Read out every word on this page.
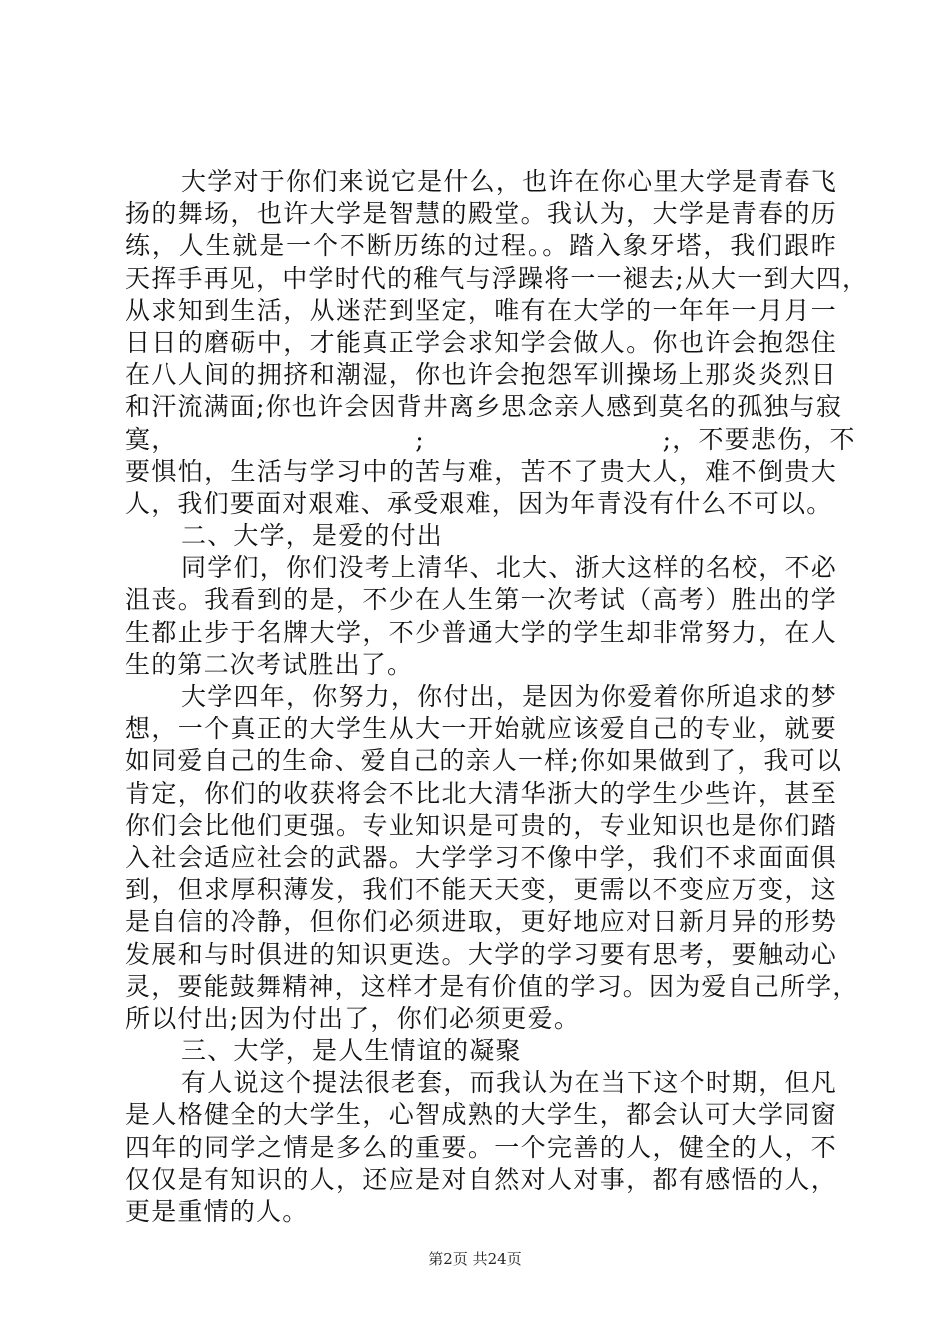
大学对于你们来说它是什么，也许在你心里大学是青春飞
扬的舞场，也许大学是智慧的殿堂。我认为，大学是青春的历
练，人生就是一个不断历练的过程。。踏入象牙塔，我们跟昨
天挥手再见，中学时代的稚气与浮躁将一一褪去;从大一到大四，
从求知到生活，从迷茫到坚定，唯有在大学的一年年一月月一
日日的磨砺中，才能真正学会求知学会做人。你也许会抱怨住
在八人间的拥挤和潮湿，你也许会抱怨军训操场上那炎炎烈日
和汗流满面;你也许会因背井离乡思念亲人感到莫名的孤独与寂
寞，                          ;                          ;，不要悲伤，不
要惧怕，生活与学习中的苦与难，苦不了贵大人，难不倒贵大
人，我们要面对艰难、承受艰难，因为年青没有什么不可以。
二、大学，是爱的付出
同学们，你们没考上清华、北大、浙大这样的名校，不必
沮丧。我看到的是，不少在人生第一次考试（高考）胜出的学
生都止步于名牌大学，不少普通大学的学生却非常努力，在人
生的第二次考试胜出了。
大学四年，你努力，你付出，是因为你爱着你所追求的梦
想，一个真正的大学生从大一开始就应该爱自己的专业，就要
如同爱自己的生命、爱自己的亲人一样;你如果做到了，我可以
肯定，你们的收获将会不比北大清华浙大的学生少些许，甚至
你们会比他们更强。专业知识是可贵的，专业知识也是你们踏
入社会适应社会的武器。大学学习不像中学，我们不求面面俱
到，但求厚积薄发，我们不能天天变，更需以不变应万变，这
是自信的冷静，但你们必须进取，更好地应对日新月异的形势
发展和与时俱进的知识更迭。大学的学习要有思考，要触动心
灵，要能鼓舞精神，这样才是有价值的学习。因为爱自己所学，
所以付出;因为付出了，你们必须更爱。
三、大学，是人生情谊的凝聚
有人说这个提法很老套，而我认为在当下这个时期，但凡
是人格健全的大学生，心智成熟的大学生，都会认可大学同窗
四年的同学之情是多么的重要。一个完善的人，健全的人，不
仅仅是有知识的人，还应是对自然对人对事，都有感悟的人，
更是重情的人。
第2页 共24页
